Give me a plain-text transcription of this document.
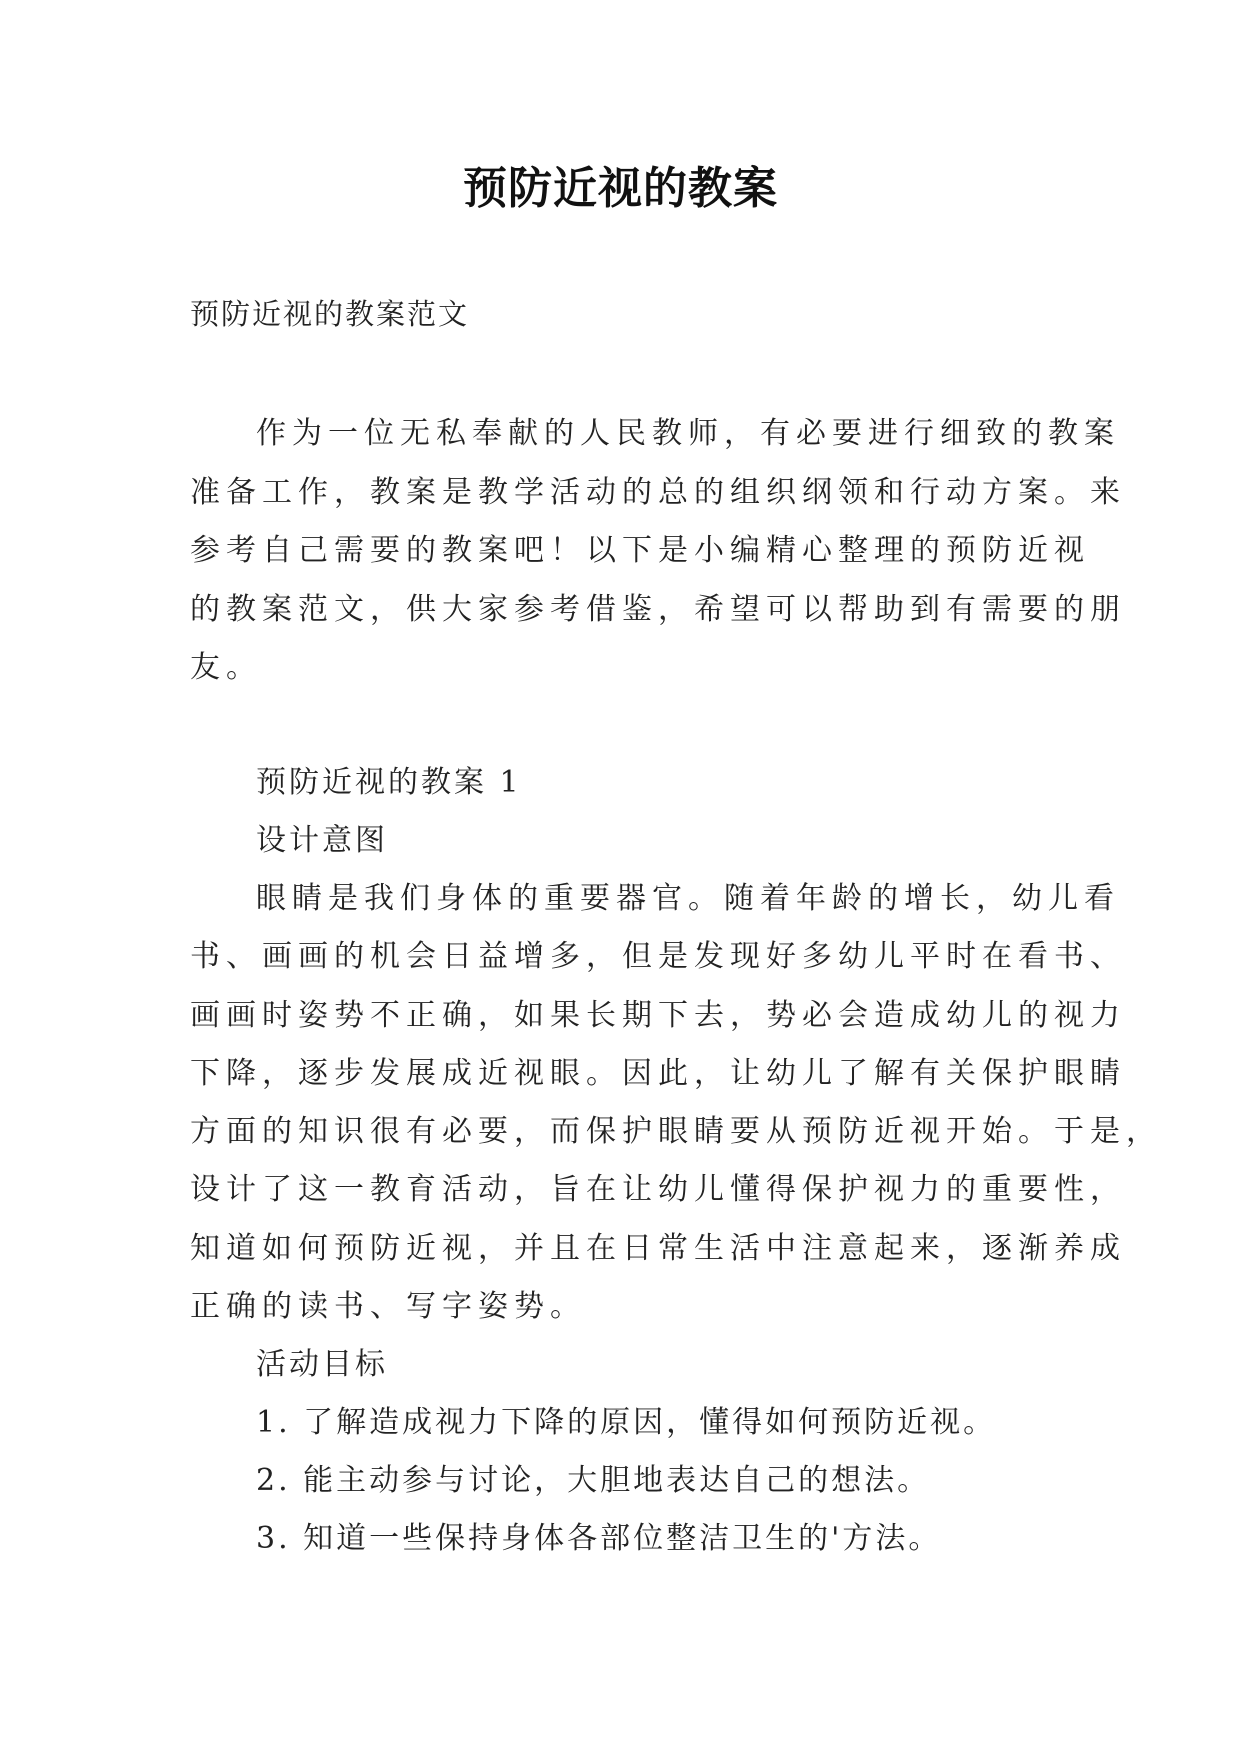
预防近视的教案
预防近视的教案范文
作为一位无私奉献的人民教师，有必要进行细致的教案
准备工作，教案是教学活动的总的组织纲领和行动方案。来
参考自己需要的教案吧！以下是小编精心整理的预防近视
的教案范文，供大家参考借鉴，希望可以帮助到有需要的朋
友。
预防近视的教案 1
设计意图
眼睛是我们身体的重要器官。随着年龄的增长，幼儿看
书、画画的机会日益增多，但是发现好多幼儿平时在看书、
画画时姿势不正确，如果长期下去，势必会造成幼儿的视力
下降，逐步发展成近视眼。因此，让幼儿了解有关保护眼睛
方面的知识很有必要，而保护眼睛要从预防近视开始。于是，
设计了这一教育活动，旨在让幼儿懂得保护视力的重要性，
知道如何预防近视，并且在日常生活中注意起来，逐渐养成
正确的读书、写字姿势。
活动目标
1. 了解造成视力下降的原因，懂得如何预防近视。
2. 能主动参与讨论，大胆地表达自己的想法。
3. 知道一些保持身体各部位整洁卫生的'方法。
